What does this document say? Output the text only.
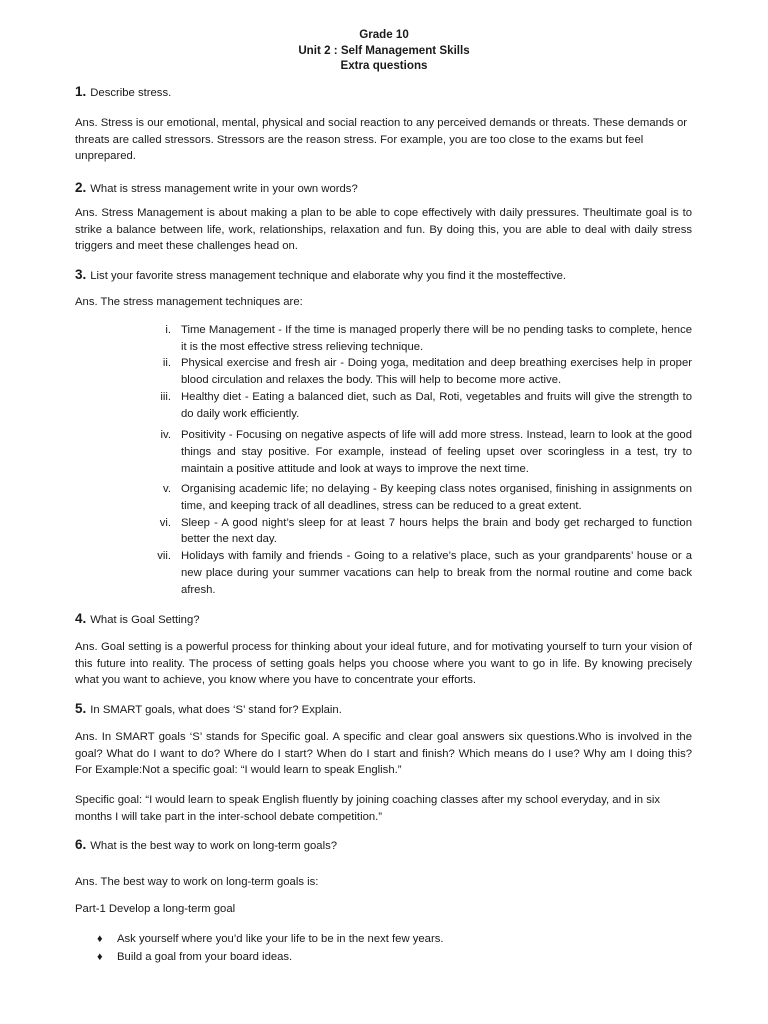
Grade 10
Unit 2 : Self Management Skills
Extra questions
1. Describe stress.
Ans. Stress is our emotional, mental, physical and social reaction to any perceived demands or threats. These demands or threats are called stressors. Stressors are the reason stress. For example, you are too close to the exams but feel unprepared.
2. What is stress management write in your own words?
Ans. Stress Management is about making a plan to be able to cope effectively with daily pressures. Theultimate goal is to strike a balance between life, work, relationships, relaxation and fun. By doing this, you are able to deal with daily stress triggers and meet these challenges head on.
3. List your favorite stress management technique and elaborate why you find it the mosteffective.
Ans. The stress management techniques are:
i. Time Management - If the time is managed properly there will be no pending tasks to complete, hence it is the most effective stress relieving technique.
ii. Physical exercise and fresh air - Doing yoga, meditation and deep breathing exercises help in proper blood circulation and relaxes the body. This will help to become more active.
iii. Healthy diet - Eating a balanced diet, such as Dal, Roti, vegetables and fruits will give the strength to do daily work efficiently.
iv. Positivity - Focusing on negative aspects of life will add more stress. Instead, learn to look at the good things and stay positive. For example, instead of feeling upset over scoringless in a test, try to maintain a positive attitude and look at ways to improve the next time.
v. Organising academic life; no delaying - By keeping class notes organised, finishing in assignments on time, and keeping track of all deadlines, stress can be reduced to a great extent.
vi. Sleep - A good night’s sleep for at least 7 hours helps the brain and body get recharged to function better the next day.
vii. Holidays with family and friends - Going to a relative’s place, such as your grandparents’ house or a new place during your summer vacations can help to break from the normal routine and come back afresh.
4. What is Goal Setting?
Ans. Goal setting is a powerful process for thinking about your ideal future, and for motivating yourself to turn your vision of this future into reality. The process of setting goals helps you choose where you want to go in life. By knowing precisely what you want to achieve, you know where you have to concentrate your efforts.
5. In SMART goals, what does ‘S’ stand for? Explain.
Ans. In SMART goals ‘S’ stands for Specific goal. A specific and clear goal answers six questions.Who is involved in the goal? What do I want to do? Where do I start? When do I start and finish? Which means do I use? Why am I doing this? For Example:Not a specific goal: “I would learn to speak English.”
Specific goal: “I would learn to speak English fluently by joining coaching classes after my school everyday, and in six months I will take part in the inter-school debate competition.”
6. What is the best way to work on long-term goals?
Ans. The best way to work on long-term goals is:
Part-1 Develop a long-term goal
♦ Ask yourself where you’d like your life to be in the next few years.
♦ Build a goal from your board ideas.
